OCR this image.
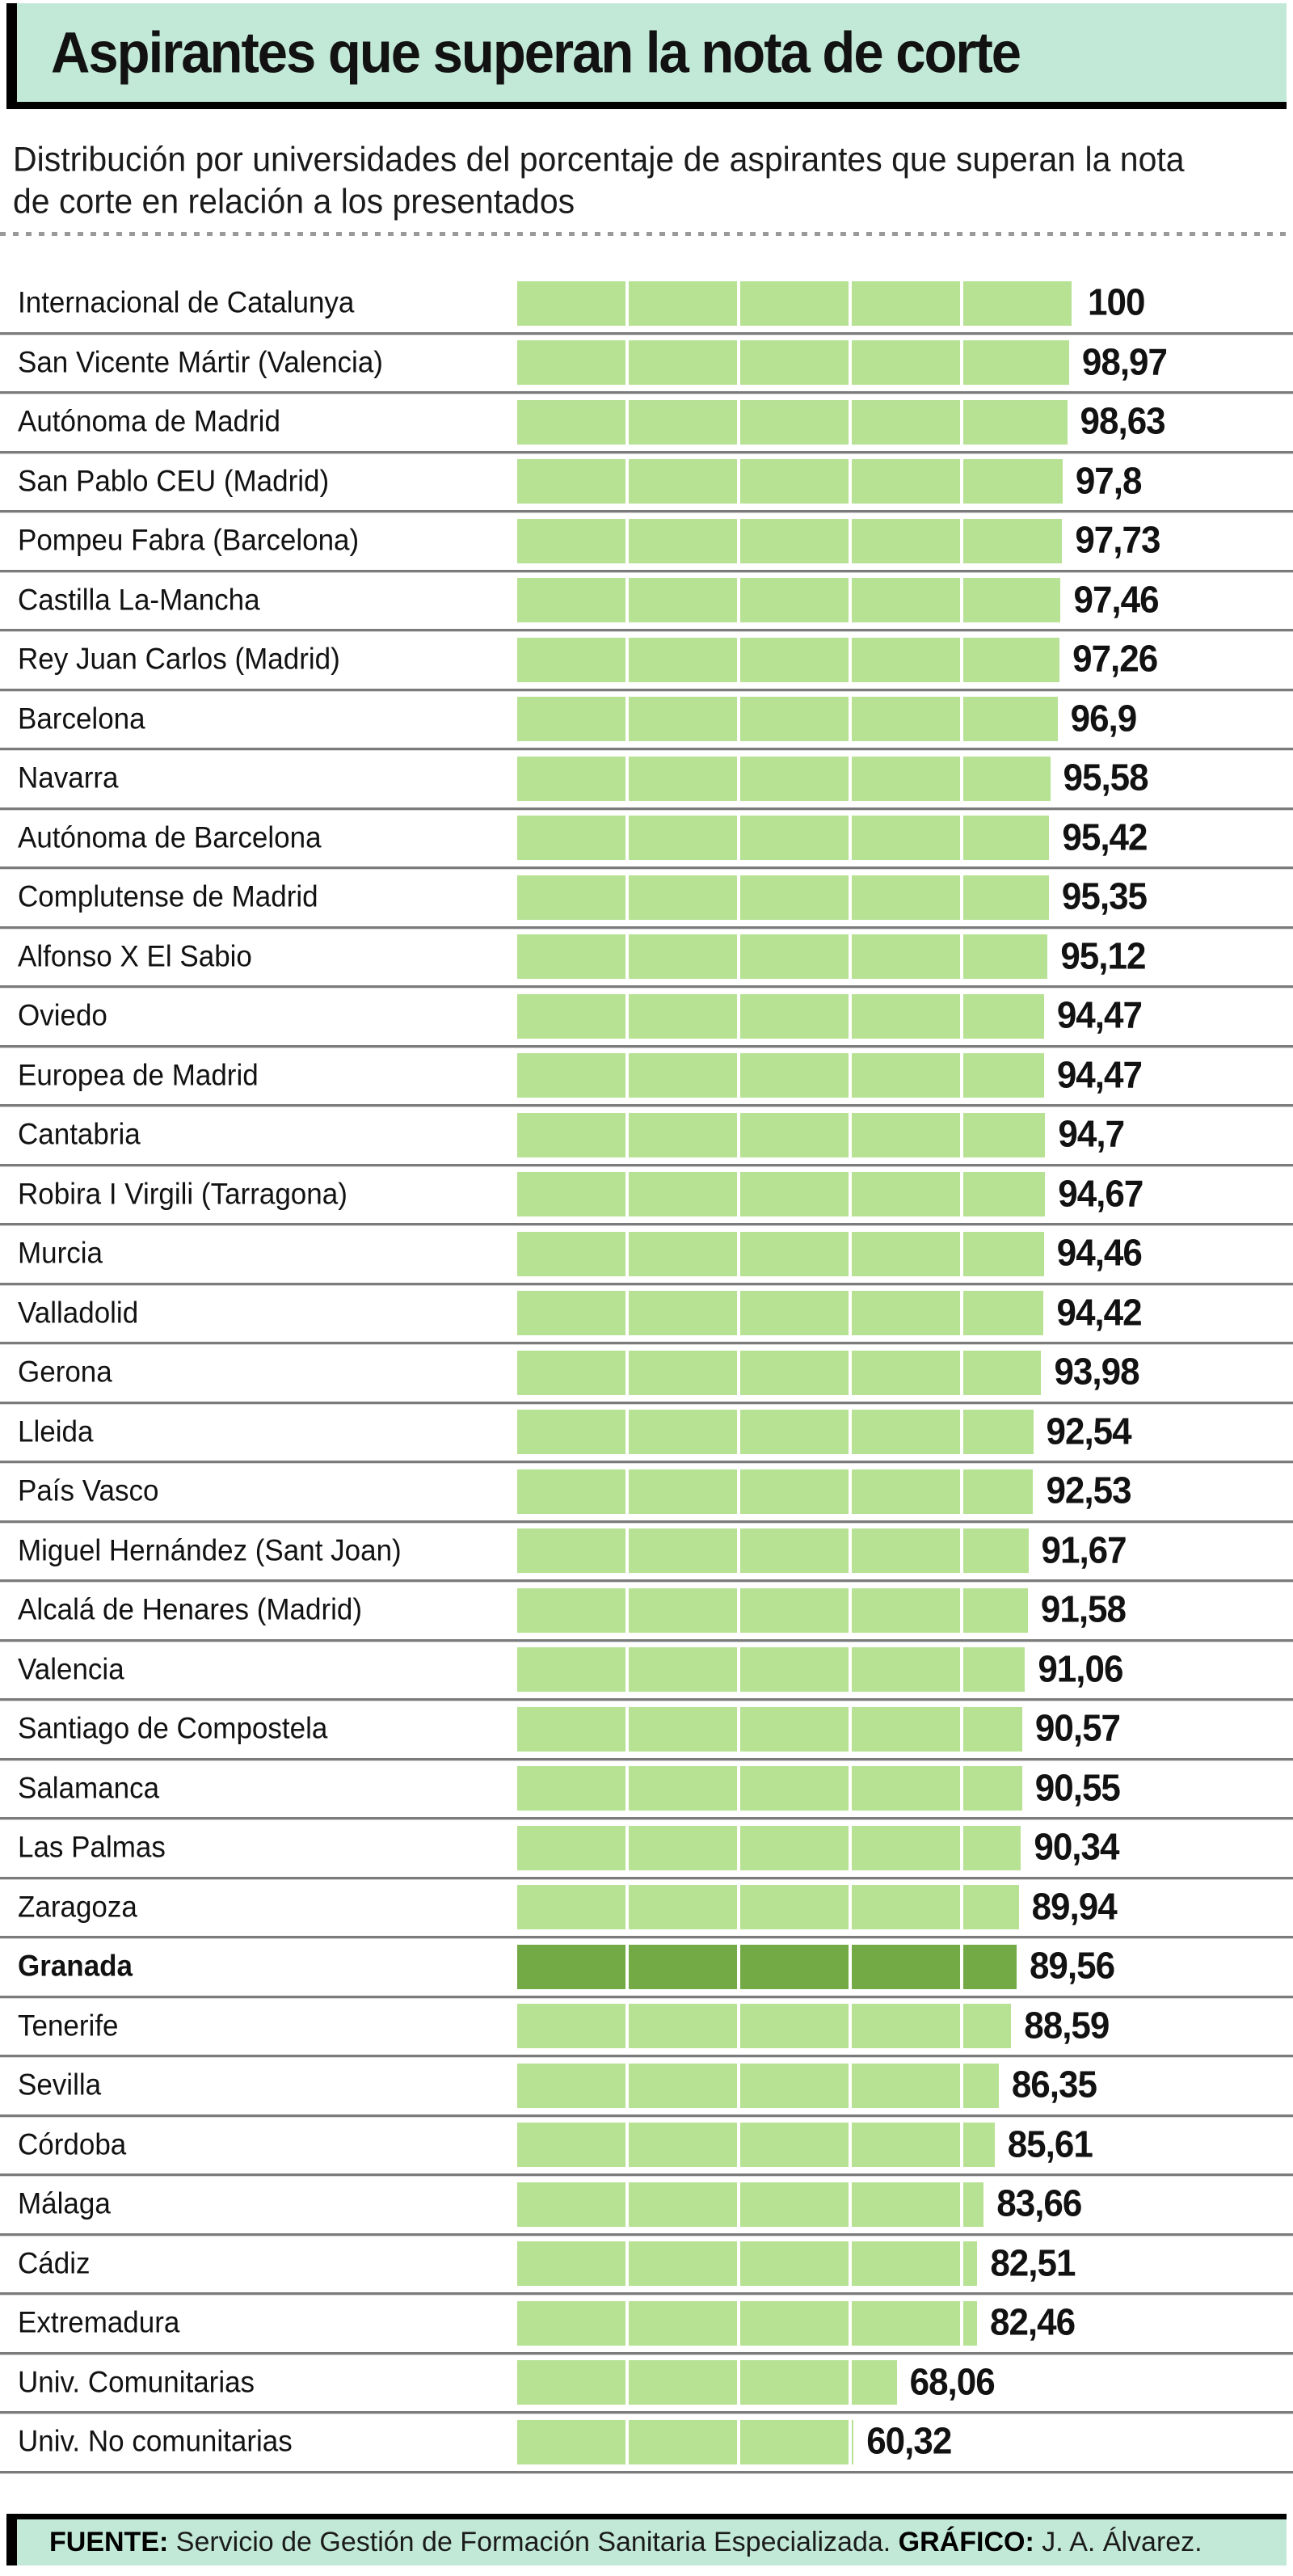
Aspirantes que superan la nota de corte

Distribución por universidades del porcentaje de aspirantes que superan la nota de corte en relación a los presentados

Internacional de Catalunya	100
San Vicente Mártir (Valencia)	98,97
Autónoma de Madrid	98,63
San Pablo CEU (Madrid)	97,8
Pompeu Fabra (Barcelona)	97,73
Castilla La-Mancha	97,46
Rey Juan Carlos (Madrid)	97,26
Barcelona	96,9
Navarra	95,58
Autónoma de Barcelona	95,42
Complutense de Madrid	95,35
Alfonso X El Sabio	95,12
Oviedo	94,47
Europea de Madrid	94,47
Cantabria	94,7
Robira I Virgili (Tarragona)	94,67
Murcia	94,46
Valladolid	94,42
Gerona	93,98
Lleida	92,54
País Vasco	92,53
Miguel Hernández (Sant Joan)	91,67
Alcalá de Henares (Madrid)	91,58
Valencia	91,06
Santiago de Compostela	90,57
Salamanca	90,55
Las Palmas	90,34
Zaragoza	89,94
Granada	89,56
Tenerife	88,59
Sevilla	86,35
Córdoba	85,61
Málaga	83,66
Cádiz	82,51
Extremadura	82,46
Univ. Comunitarias	68,06
Univ. No comunitarias	60,32

FUENTE: Servicio de Gestión de Formación Sanitaria Especializada. GRÁFICO: J. A. Álvarez.
